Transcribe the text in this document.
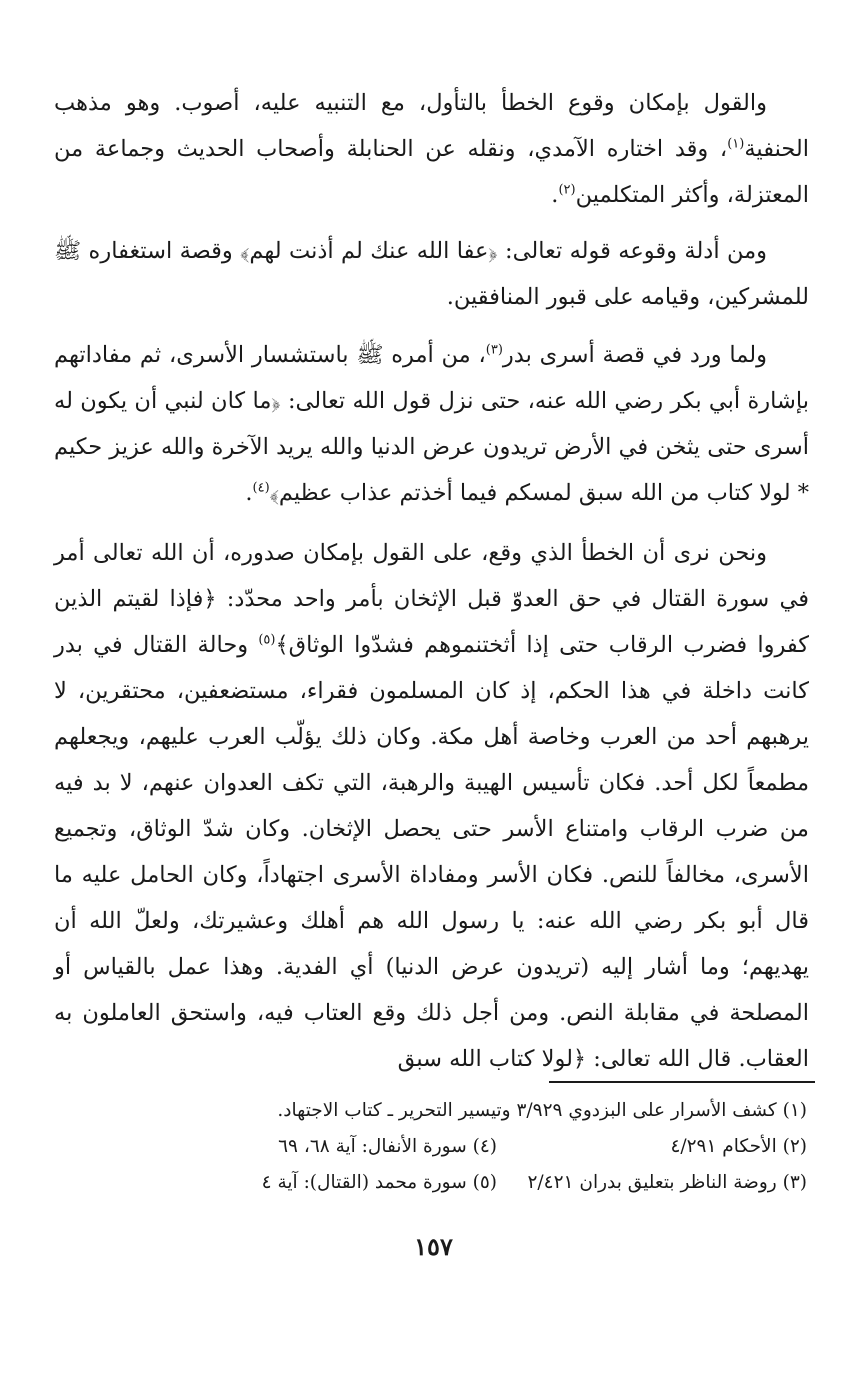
والقول بإمكان وقوع الخطأ بالتأول، مع التنبيه عليه، أصوب. وهو مذهب الحنفية$^{(١)}$، وقد اختاره الآمدي، ونقله عن الحنابلة وأصحاب الحديث وجماعة من المعتزلة، وأكثر المتكلمين$^{(٢)}$.

ومن أدلة وقوعه قوله تعالى: ﴿عفا الله عنك لم أذنت لهم﴾ وقصة استغفاره ﷺ للمشركين، وقيامه على قبور المنافقين.

ولما ورد في قصة أسرى بدر$^{(٣)}$، من أمره ﷺ باستشسار الأسرى، ثم مفاداتهم بإشارة أبي بكر رضي الله عنه، حتى نزل قول الله تعالى: ﴿ما كان لنبي أن يكون له أسرى حتى يثخن في الأرض تريدون عرض الدنيا والله يريد الآخرة والله عزيز حكيم * لولا كتاب من الله سبق لمسكم فيما أخذتم عذاب عظيم﴾$^{(٤)}$.

ونحن نرى أن الخطأ الذي وقع، على القول بإمكان صدوره، أن الله تعالى أمر في سورة القتال في حق العدوّ قبل الإثخان بأمر واحد محدّد: ﴿فإذا لقيتم الذين كفروا فضرب الرقاب حتى إذا أثختنموهم فشدّوا الوثاق﴾$^{(٥)}$ وحالة القتال في بدر كانت داخلة في هذا الحكم، إذ كان المسلمون فقراء، مستضعفين، محتقرين، لا يرهبهم أحد من العرب وخاصة أهل مكة. وكان ذلك يؤلّب العرب عليهم، ويجعلهم مطمعاً لكل أحد. فكان تأسيس الهيبة والرهبة، التي تكف العدوان عنهم، لا بد فيه من ضرب الرقاب وامتناع الأسر حتى يحصل الإثخان. وكان شدّ الوثاق، وتجميع الأسرى، مخالفاً للنص. فكان الأسر ومفاداة الأسرى اجتهاداً، وكان الحامل عليه ما قال أبو بكر رضي الله عنه: يا رسول الله هم أهلك وعشيرتك، ولعلّ الله أن يهديهم؛ وما أشار إليه (تريدون عرض الدنيا) أي الفدية. وهذا عمل بالقياس أو المصلحة في مقابلة النص. ومن أجل ذلك وقع العتاب فيه، واستحق العاملون به العقاب. قال الله تعالى: ﴿لولا كتاب الله سبق

(١) كشف الأسرار على البزدوي ٣/٩٢٩ وتيسير التحرير ـ كتاب الاجتهاد.
(٢) الأحكام ٤/٢٩١
(٤) سورة الأنفال: آية ٦٨، ٦٩
(٣) روضة الناظر بتعليق بدران ٢/٤٢١
(٥) سورة محمد (القتال): آية ٤
١٥٧
